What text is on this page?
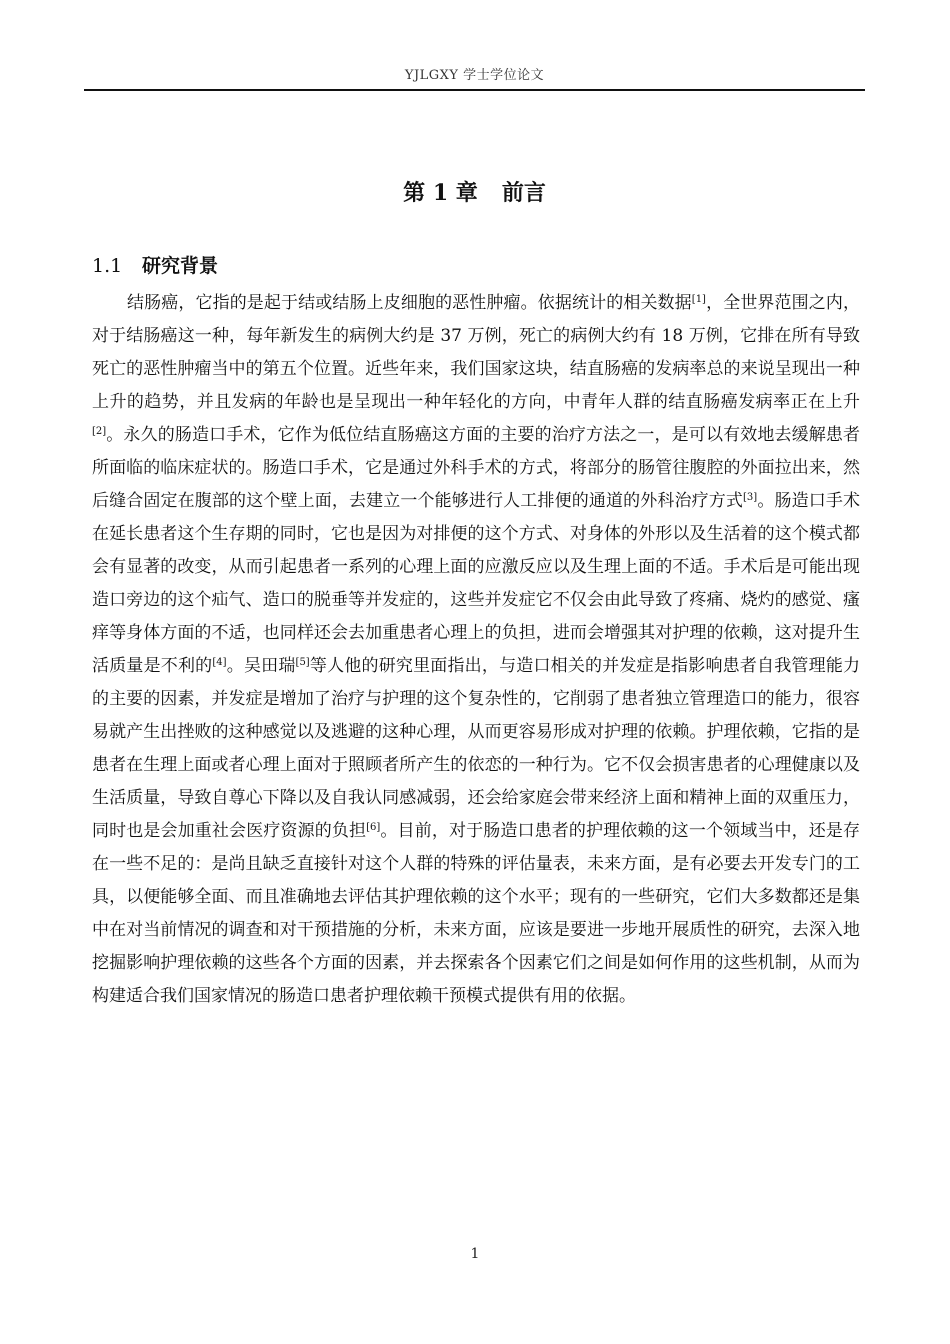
YJLGXY 学士学位论文
第 1 章 前言
1.1 研究背景

结肠癌，它指的是起于结或结肠上皮细胞的恶性肿瘤。依据统计的相关数据[1]，全世界范围之内，对于结肠癌这一种，每年新发生的病例大约是 37 万例，死亡的病例大约有 18 万例，它排在所有导致死亡的恶性肿瘤当中的第五个位置。近些年来，我们国家这块，结直肠癌的发病率总的来说呈现出一种上升的趋势，并且发病的年龄也是呈现出一种年轻化的方向，中青年人群的结直肠癌发病率正在上升[2]。永久的肠造口手术，它作为低位结直肠癌这方面的主要的治疗方法之一，是可以有效地去缓解患者所面临的临床症状的。肠造口手术，它是通过外科手术的方式，将部分的肠管往腹腔的外面拉出来，然后缝合固定在腹部的这个壁上面，去建立一个能够进行人工排便的通道的外科治疗方式[3]。肠造口手术在延长患者这个生存期的同时，它也是因为对排便的这个方式、对身体的外形以及生活着的这个模式都会有显著的改变，从而引起患者一系列的心理上面的应激反应以及生理上面的不适。手术后是可能出现造口旁边的这个疝气、造口的脱垂等并发症的，这些并发症它不仅会由此导致了疼痛、烧灼的感觉、瘙痒等身体方面的不适，也同样还会去加重患者心理上的负担，进而会增强其对护理的依赖，这对提升生活质量是不利的[4]。吴田瑞[5]等人他的研究里面指出，与造口相关的并发症是指影响患者自我管理能力的主要的因素，并发症是增加了治疗与护理的这个复杂性的，它削弱了患者独立管理造口的能力，很容易就产生出挫败的这种感觉以及逃避的这种心理，从而更容易形成对护理的依赖。护理依赖，它指的是患者在生理上面或者心理上面对于照顾者所产生的依恋的一种行为。它不仅会损害患者的心理健康以及生活质量，导致自尊心下降以及自我认同感减弱，还会给家庭会带来经济上面和精神上面的双重压力，同时也是会加重社会医疗资源的负担[6]。目前，对于肠造口患者的护理依赖的这一个领域当中，还是存在一些不足的：是尚且缺乏直接针对这个人群的特殊的评估量表，未来方面，是有必要去开发专门的工具，以便能够全面、而且准确地去评估其护理依赖的这个水平；现有的一些研究，它们大多数都还是集中在对当前情况的调查和对干预措施的分析，未来方面，应该是要进一步地开展质性的研究，去深入地挖掘影响护理依赖的这些各个方面的因素，并去探索各个因素它们之间是如何作用的这些机制，从而为构建适合我们国家情况的肠造口患者护理依赖干预模式提供有用的依据。

1
